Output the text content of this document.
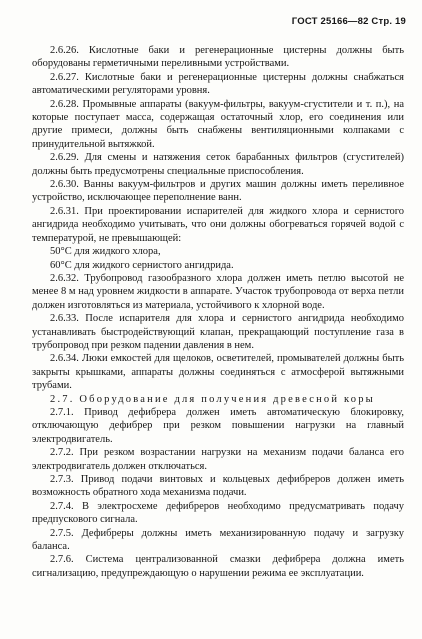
ГОСТ 25166—82 Стр. 19

2.6.26. Кислотные баки и регенерационные цистерны должны быть оборудованы герметичными переливными устройствами.

2.6.27. Кислотные баки и регенерационные цистерны должны снабжаться автоматическими регуляторами уровня.

2.6.28. Промывные аппараты (вакуум-фильтры, вакуум-сгустители и т. п.), на которые поступает масса, содержащая остаточный хлор, его соединения или другие примеси, должны быть снабжены вентиляционными колпаками с принудительной вытяжкой.

2.6.29. Для смены и натяжения сеток барабанных фильтров (сгустителей) должны быть предусмотрены специальные приспособления.

2.6.30. Ванны вакуум-фильтров и других машин должны иметь переливное устройство, исключающее переполнение ванн.

2.6.31. При проектировании испарителей для жидкого хлора и сернистого ангидрида необходимо учитывать, что они должны обогреваться горячей водой с температурой, не превышающей:

50°С для жидкого хлора,

60°С для жидкого сернистого ангидрида.

2.6.32. Трубопровод газообразного хлора должен иметь петлю высотой не менее 8 м над уровнем жидкости в аппарате. Участок трубопровода от верха петли должен изготовляться из материала, устойчивого к хлорной воде.

2.6.33. После испарителя для хлора и сернистого ангидрида необходимо устанавливать быстродействующий клапан, прекращающий поступление газа в трубопровод при резком падении давления в нем.

2.6.34. Люки емкостей для щелоков, осветителей, промывателей должны быть закрыты крышками, аппараты должны соединяться с атмосферой вытяжными трубами.

2.7. Оборудование для получения древесной коры

2.7.1. Привод дефибрера должен иметь автоматическую блокировку, отключающую дефибрер при резком повышении нагрузки на главный электродвигатель.

2.7.2. При резком возрастании нагрузки на механизм подачи баланса его электродвигатель должен отключаться.

2.7.3. Привод подачи винтовых и кольцевых дефибреров должен иметь возможность обратного хода механизма подачи.

2.7.4. В электросхеме дефибреров необходимо предусматривать подачу предпускового сигнала.

2.7.5. Дефибреры должны иметь механизированную подачу и загрузку баланса.

2.7.6. Система централизованной смазки дефибрера должна иметь сигнализацию, предупреждающую о нарушении режима ее эксплуатации.
